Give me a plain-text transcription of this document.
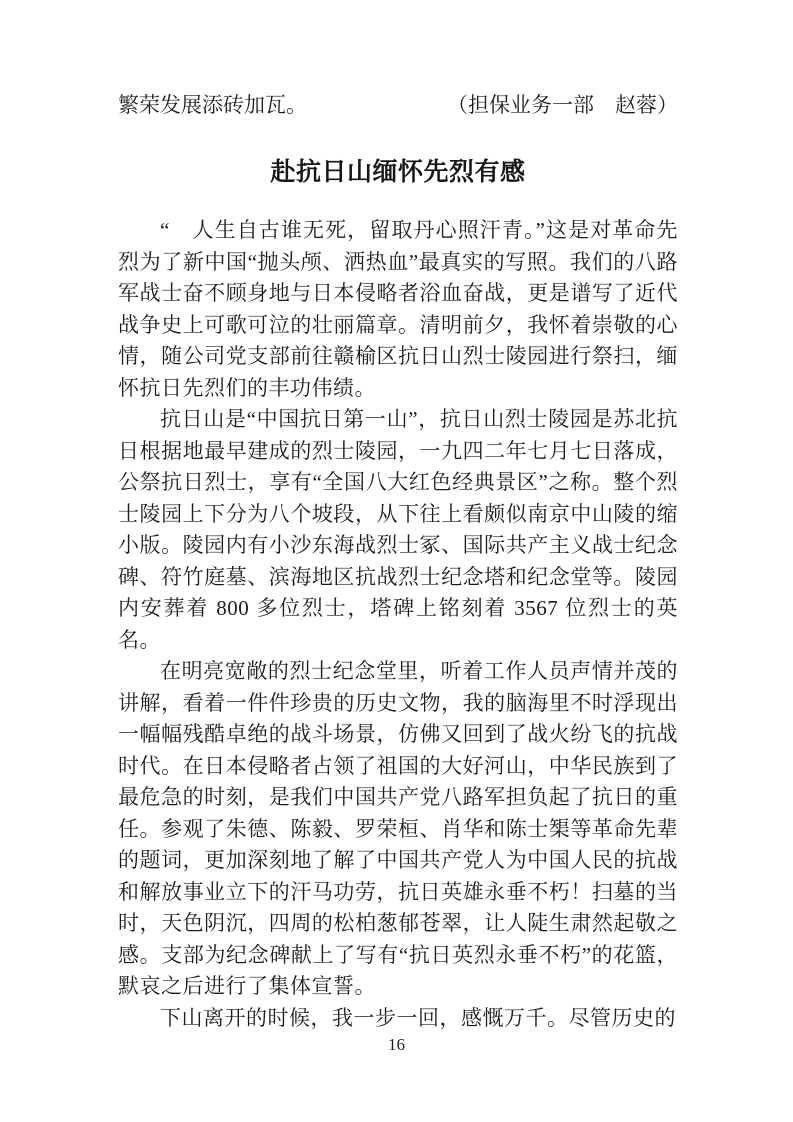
繁荣发展添砖加瓦。	（担保业务一部　赵蓉）
赴抗日山缅怀先烈有感

“　人生自古谁无死，留取丹心照汗青。”这是对革命先烈为了新中国“抛头颅、洒热血”最真实的写照。我们的八路军战士奋不顾身地与日本侵略者浴血奋战，更是谱写了近代战争史上可歌可泣的壮丽篇章。清明前夕，我怀着崇敬的心情，随公司党支部前往赣榆区抗日山烈士陵园进行祭扫，缅怀抗日先烈们的丰功伟绩。

抗日山是“中国抗日第一山”，抗日山烈士陵园是苏北抗日根据地最早建成的烈士陵园，一九四二年七月七日落成，公祭抗日烈士，享有“全国八大红色经典景区”之称。整个烈士陵园上下分为八个坡段，从下往上看颇似南京中山陵的缩小版。陵园内有小沙东海战烈士冢、国际共产主义战士纪念碑、符竹庭墓、滨海地区抗战烈士纪念塔和纪念堂等。陵园内安葬着 800 多位烈士，塔碑上铭刻着 3567 位烈士的英名。

在明亮宽敞的烈士纪念堂里，听着工作人员声情并茂的讲解，看着一件件珍贵的历史文物，我的脑海里不时浮现出一幅幅残酷卓绝的战斗场景，仿佛又回到了战火纷飞的抗战时代。在日本侵略者占领了祖国的大好河山，中华民族到了最危急的时刻，是我们中国共产党八路军担负起了抗日的重任。参观了朱德、陈毅、罗荣桓、肖华和陈士榘等革命先辈的题词，更加深刻地了解了中国共产党人为中国人民的抗战和解放事业立下的汗马功劳，抗日英雄永垂不朽！扫墓的当时，天色阴沉，四周的松柏葱郁苍翠，让人陡生肃然起敬之感。支部为纪念碑献上了写有“抗日英烈永垂不朽”的花篮，默哀之后进行了集体宣誓。

下山离开的时候，我一步一回，感慨万千。尽管历史的

16
